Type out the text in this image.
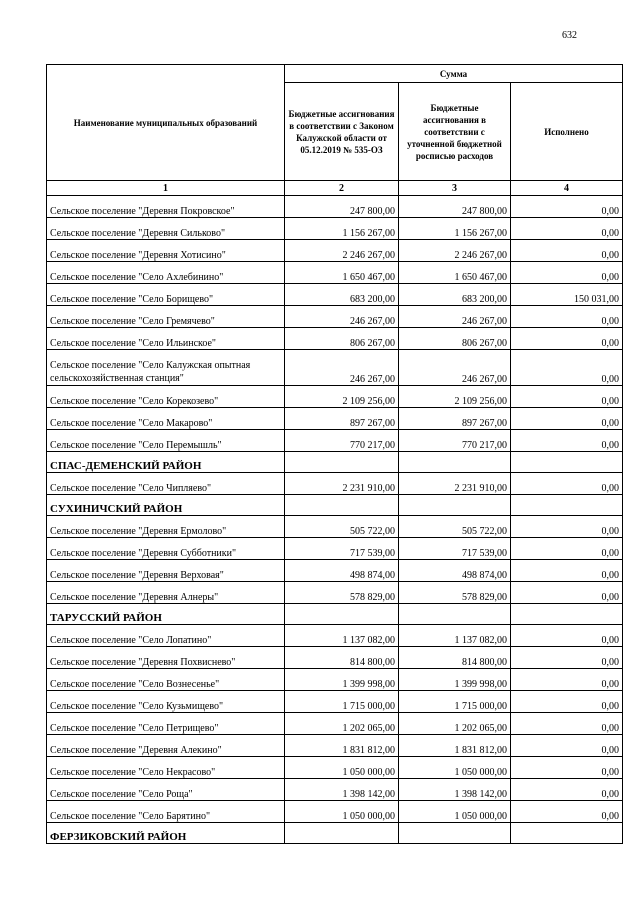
632
Наименование муниципальных образований	Сумма		
	Бюджетные ассигнования в соответствии с Законом Калужской области от 05.12.2019 № 535-ОЗ	Бюджетные ассигнования в соответствии с уточненной бюджетной росписью расходов	Исполнено
1	2	3	4
Сельское поселение "Деревня Покровское"	247 800,00	247 800,00	0,00
Сельское поселение "Деревня Сильково"	1 156 267,00	1 156 267,00	0,00
Сельское поселение "Деревня Хотисино"	2 246 267,00	2 246 267,00	0,00
Сельское поселение "Село Ахлебинино"	1 650 467,00	1 650 467,00	0,00
Сельское поселение "Село Борищево"	683 200,00	683 200,00	150 031,00
Сельское поселение "Село Гремячево"	246 267,00	246 267,00	0,00
Сельское поселение "Село Ильинское"	806 267,00	806 267,00	0,00
Сельское поселение "Село Калужская опытная сельскохозяйственная станция"	246 267,00	246 267,00	0,00
Сельское поселение "Село Корекозево"	2 109 256,00	2 109 256,00	0,00
Сельское поселение "Село Макарово"	897 267,00	897 267,00	0,00
Сельское поселение "Село Перемышль"	770 217,00	770 217,00	0,00
СПАС-ДЕМЕНСКИЙ РАЙОН			
Сельское поселение "Село Чипляево"	2 231 910,00	2 231 910,00	0,00
СУХИНИЧСКИЙ РАЙОН			
Сельское поселение "Деревня Ермолово"	505 722,00	505 722,00	0,00
Сельское поселение "Деревня Субботники"	717 539,00	717 539,00	0,00
Сельское поселение "Деревня Верховая"	498 874,00	498 874,00	0,00
Сельское поселение "Деревня Алнеры"	578 829,00	578 829,00	0,00
ТАРУССКИЙ РАЙОН			
Сельское поселение "Село Лопатино"	1 137 082,00	1 137 082,00	0,00
Сельское поселение "Деревня Похвиснево"	814 800,00	814 800,00	0,00
Сельское поселение "Село Вознесенье"	1 399 998,00	1 399 998,00	0,00
Сельское поселение "Село Кузьмищево"	1 715 000,00	1 715 000,00	0,00
Сельское поселение "Село Петрищево"	1 202 065,00	1 202 065,00	0,00
Сельское поселение "Деревня Алекино"	1 831 812,00	1 831 812,00	0,00
Сельское поселение "Село Некрасово"	1 050 000,00	1 050 000,00	0,00
Сельское поселение "Село Роща"	1 398 142,00	1 398 142,00	0,00
Сельское поселение "Село Барятино"	1 050 000,00	1 050 000,00	0,00
ФЕРЗИКОВСКИЙ РАЙОН			
